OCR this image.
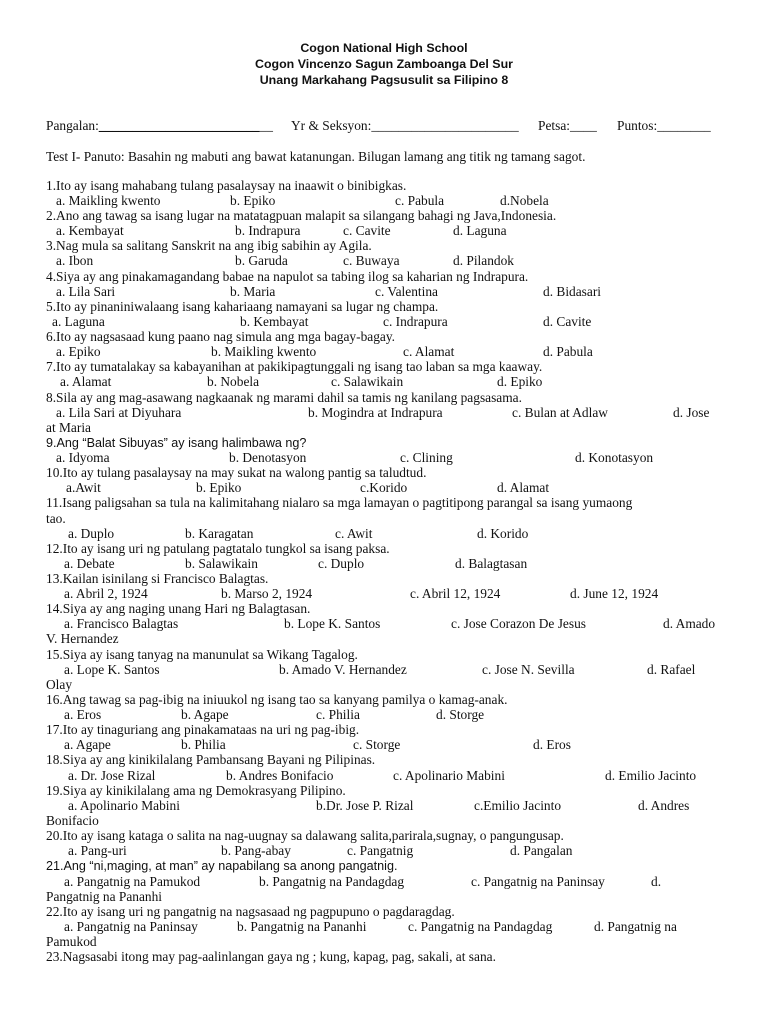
Cogon National High School
Cogon Vincenzo Sagun Zamboanga Del Sur
Unang Markahang Pagsusulit sa Filipino 8
Pangalan:__________________________ Yr & Seksyon:______________________ Petsa:____ Puntos:________
Test I- Panuto: Basahin ng mabuti ang bawat katanungan. Bilugan lamang ang titik ng tamang sagot.
1.Ito ay isang mahabang tulang pasalaysay na inaawit o binibigkas.
a. Maikling kwento	b. Epiko	c. Pabula	d.Nobela
2.Ano ang tawag sa isang lugar na matatagpuan malapit sa silangang bahagi ng Java,Indonesia.
a. Kembayat	b. Indrapura	c. Cavite	d. Laguna
3.Nag mula sa salitang Sanskrit na ang ibig sabihin ay Agila.
a. Ibon	b. Garuda	c. Buwaya	d. Pilandok
4.Siya ay ang pinakamagandang babae na napulot sa tabing ilog sa kaharian ng Indrapura.
a. Lila Sari	b. Maria	c. Valentina	d. Bidasari
5.Ito ay pinaniniwalaang isang kahariaang namayani sa lugar ng champa.
a. Laguna	b. Kembayat	c. Indrapura	d. Cavite
6.Ito ay nagsasaad kung paano nag simula ang mga bagay-bagay.
a. Epiko	b. Maikling kwento	c. Alamat	d. Pabula
7.Ito ay tumatalakay sa kabayanihan at pakikipagtunggali ng isang tao laban sa mga kaaway.
a. Alamat	b. Nobela	c. Salawikain	d. Epiko
8.Sila ay ang mag-asawang nagkaanak ng marami dahil sa tamis ng kanilang pagsasama.
a. Lila Sari at Diyuhara	b. Mogindra at Indrapura	c. Bulan at Adlaw	d. Jose
at Maria
9.Ang “Balat Sibuyas” ay isang halimbawa ng?
a. Idyoma	b. Denotasyon	c. Clining	d. Konotasyon
10.Ito ay tulang pasalaysay na may sukat na walong pantig sa taludtud.
a.Awit	b. Epiko	c.Korido	d. Alamat
11.Isang paligsahan sa tula na kalimitahang nialaro sa mga lamayan o pagtitipong parangal sa isang yumaong
tao.
a. Duplo	b. Karagatan	c. Awit	d. Korido
12.Ito ay isang uri ng patulang pagtatalo tungkol sa isang paksa.
a. Debate	b. Salawikain	c. Duplo	d. Balagtasan
13.Kailan isinilang si Francisco Balagtas.
a. Abril 2, 1924	b. Marso 2, 1924	c. Abril 12, 1924	d. June 12, 1924
14.Siya ay ang naging unang Hari ng Balagtasan.
a. Francisco Balagtas	b. Lope K. Santos	c. Jose Corazon De Jesus	d. Amado
V. Hernandez
15.Siya ay isang tanyag na manunulat sa Wikang Tagalog.
a. Lope K. Santos	b. Amado V. Hernandez	c. Jose N. Sevilla	d. Rafael
Olay
16.Ang tawag sa pag-ibig na iniuukol ng isang tao sa kanyang pamilya o kamag-anak.
a. Eros	b. Agape	c. Philia	d. Storge
17.Ito ay tinaguriang ang pinakamataas na uri ng pag-ibig.
a. Agape	b. Philia	c. Storge	d. Eros
18.Siya ay ang kinikilalang Pambansang Bayani ng Pilipinas.
a. Dr. Jose Rizal	b. Andres Bonifacio	c. Apolinario Mabini	d. Emilio Jacinto
19.Siya ay kinikilalang ama ng Demokrasyang Pilipino.
a. Apolinario Mabini	b.Dr. Jose P. Rizal	c.Emilio Jacinto	d. Andres
Bonifacio
20.Ito ay isang kataga o salita na nag-uugnay sa dalawang salita,parirala,sugnay, o pangungusap.
a. Pang-uri	b. Pang-abay	c. Pangatnig	d. Pangalan
21.Ang “ni,maging, at man” ay napabilang sa anong pangatnig.
a. Pangatnig na Pamukod	b. Pangatnig na Pandagdag	c. Pangatnig na Paninsay	d.
Pangatnig na Pananhi
22.Ito ay isang uri ng pangatnig na nagsasaad ng pagpupuno o pagdaragdag.
a. Pangatnig na Paninsay	b. Pangatnig na Pananhi	c. Pangatnig na Pandagdag	d. Pangatnig na
Pamukod
23.Nagsasabi itong may pag-aalinlangan gaya ng ; kung, kapag, pag, sakali, at sana.
